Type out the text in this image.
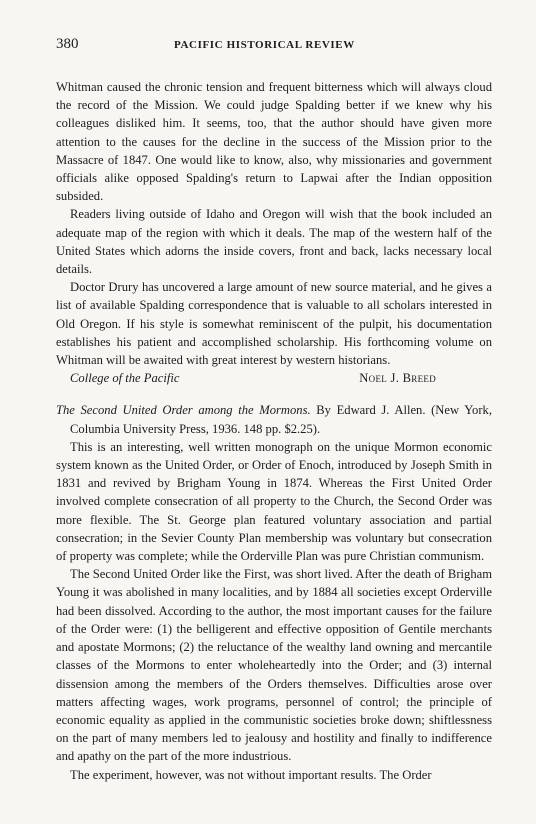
380	PACIFIC HISTORICAL REVIEW

Whitman caused the chronic tension and frequent bitterness which will always cloud the record of the Mission. We could judge Spalding better if we knew why his colleagues disliked him. It seems, too, that the author should have given more attention to the causes for the decline in the success of the Mission prior to the Massacre of 1847. One would like to know, also, why missionaries and government officials alike opposed Spalding's return to Lapwai after the Indian opposition subsided.

Readers living outside of Idaho and Oregon will wish that the book included an adequate map of the region with which it deals. The map of the western half of the United States which adorns the inside covers, front and back, lacks necessary local details.

Doctor Drury has uncovered a large amount of new source material, and he gives a list of available Spalding correspondence that is valuable to all scholars interested in Old Oregon. If his style is somewhat reminiscent of the pulpit, his documentation establishes his patient and accomplished scholarship. His forthcoming volume on Whitman will be awaited with great interest by western historians.

College of the Pacific	Noel J. Breed

The Second United Order among the Mormons. By Edward J. Allen. (New York, Columbia University Press, 1936. 148 pp. $2.25).

This is an interesting, well written monograph on the unique Mormon economic system known as the United Order, or Order of Enoch, introduced by Joseph Smith in 1831 and revived by Brigham Young in 1874. Whereas the First United Order involved complete consecration of all property to the Church, the Second Order was more flexible. The St. George plan featured voluntary association and partial consecration; in the Sevier County Plan membership was voluntary but consecration of property was complete; while the Orderville Plan was pure Christian communism.

The Second United Order like the First, was short lived. After the death of Brigham Young it was abolished in many localities, and by 1884 all societies except Orderville had been dissolved. According to the author, the most important causes for the failure of the Order were: (1) the belligerent and effective opposition of Gentile merchants and apostate Mormons; (2) the reluctance of the wealthy land owning and mercantile classes of the Mormons to enter wholeheartedly into the Order; and (3) internal dissension among the members of the Orders themselves. Difficulties arose over matters affecting wages, work programs, personnel of control; the principle of economic equality as applied in the communistic societies broke down; shiftlessness on the part of many members led to jealousy and hostility and finally to indifference and apathy on the part of the more industrious.

The experiment, however, was not without important results. The Order
